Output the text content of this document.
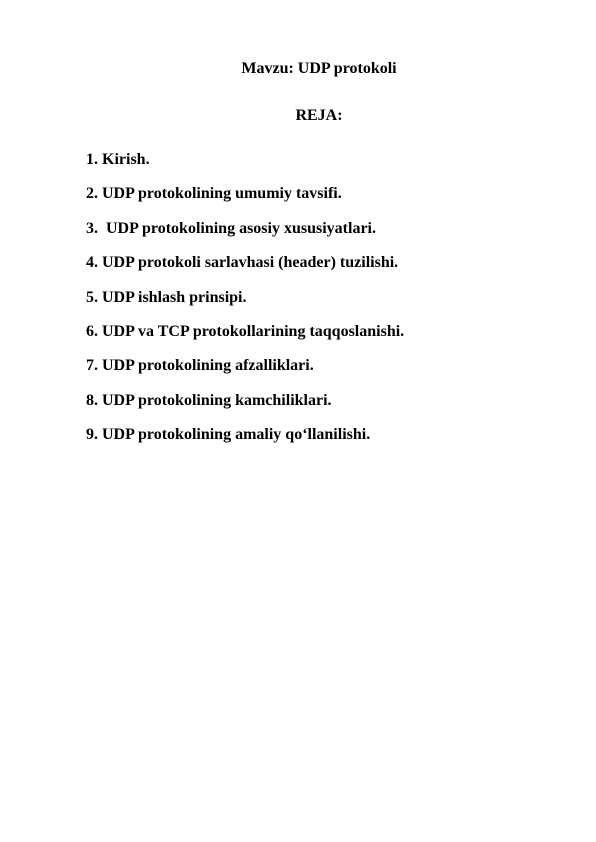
Mavzu: UDP protokoli
REJA:
1. Kirish.
2. UDP protokolining umumiy tavsifi.
3.  UDP protokolining asosiy xususiyatlari.
4. UDP protokoli sarlavhasi (header) tuzilishi.
5. UDP ishlash prinsipi.
6. UDP va TCP protokollarining taqqoslanishi.
7. UDP protokolining afzalliklari.
8. UDP protokolining kamchiliklari.
9. UDP protokolining amaliy qo‘llanilishi.
